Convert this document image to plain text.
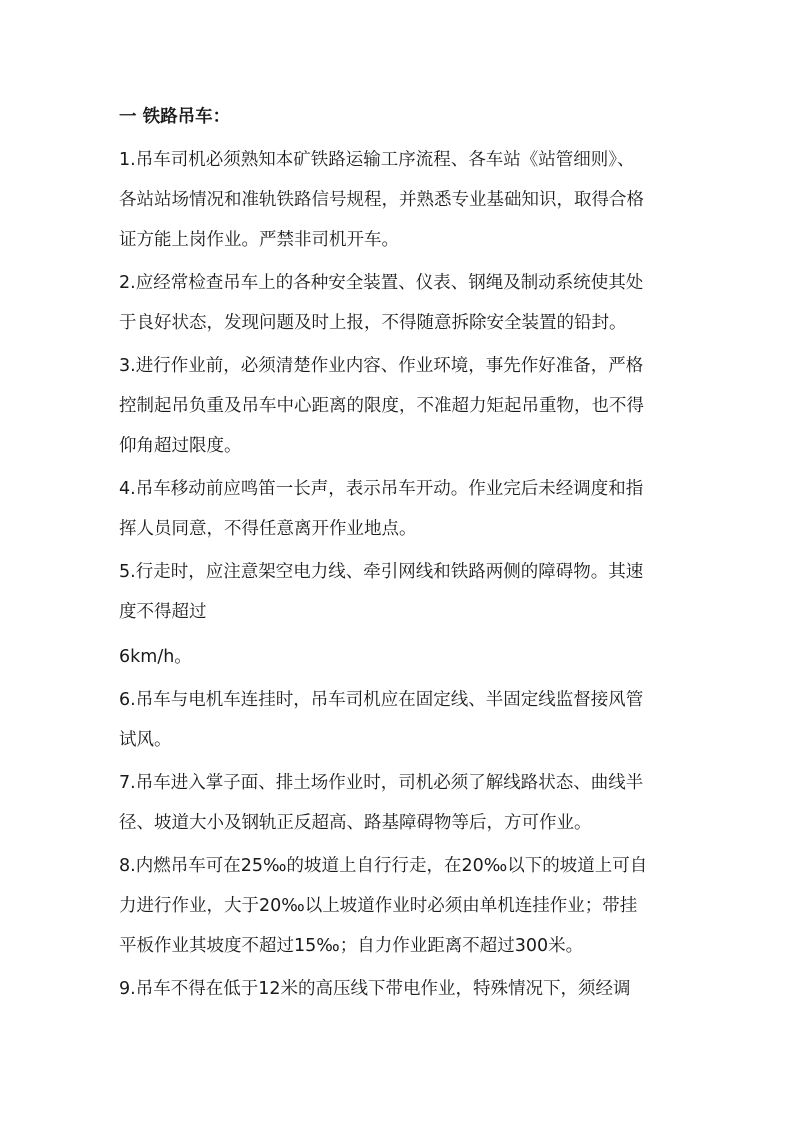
一 铁路吊车：
1.吊车司机必须熟知本矿铁路运输工序流程、各车站《站管细则》、
各站站场情况和准轨铁路信号规程，并熟悉专业基础知识，取得合格
证方能上岗作业。严禁非司机开车。
2.应经常检查吊车上的各种安全装置、仪表、钢绳及制动系统使其处
于良好状态，发现问题及时上报，不得随意拆除安全装置的铅封。
3.进行作业前，必须清楚作业内容、作业环境，事先作好准备，严格
控制起吊负重及吊车中心距离的限度，不准超力矩起吊重物，也不得
仰角超过限度。
4.吊车移动前应鸣笛一长声，表示吊车开动。作业完后未经调度和指
挥人员同意，不得任意离开作业地点。
5.行走时，应注意架空电力线、牵引网线和铁路两侧的障碍物。其速
度不得超过
6km/h。
6.吊车与电机车连挂时，吊车司机应在固定线、半固定线监督接风管
试风。
7.吊车进入掌子面、排土场作业时，司机必须了解线路状态、曲线半
径、坡道大小及钢轨正反超高、路基障碍物等后，方可作业。
8.内燃吊车可在25‰的坡道上自行行走，在20‰以下的坡道上可自
力进行作业，大于20‰以上坡道作业时必须由单机连挂作业；带挂
平板作业其坡度不超过15‰；自力作业距离不超过300米。
9.吊车不得在低于12米的高压线下带电作业，特殊情况下，须经调
